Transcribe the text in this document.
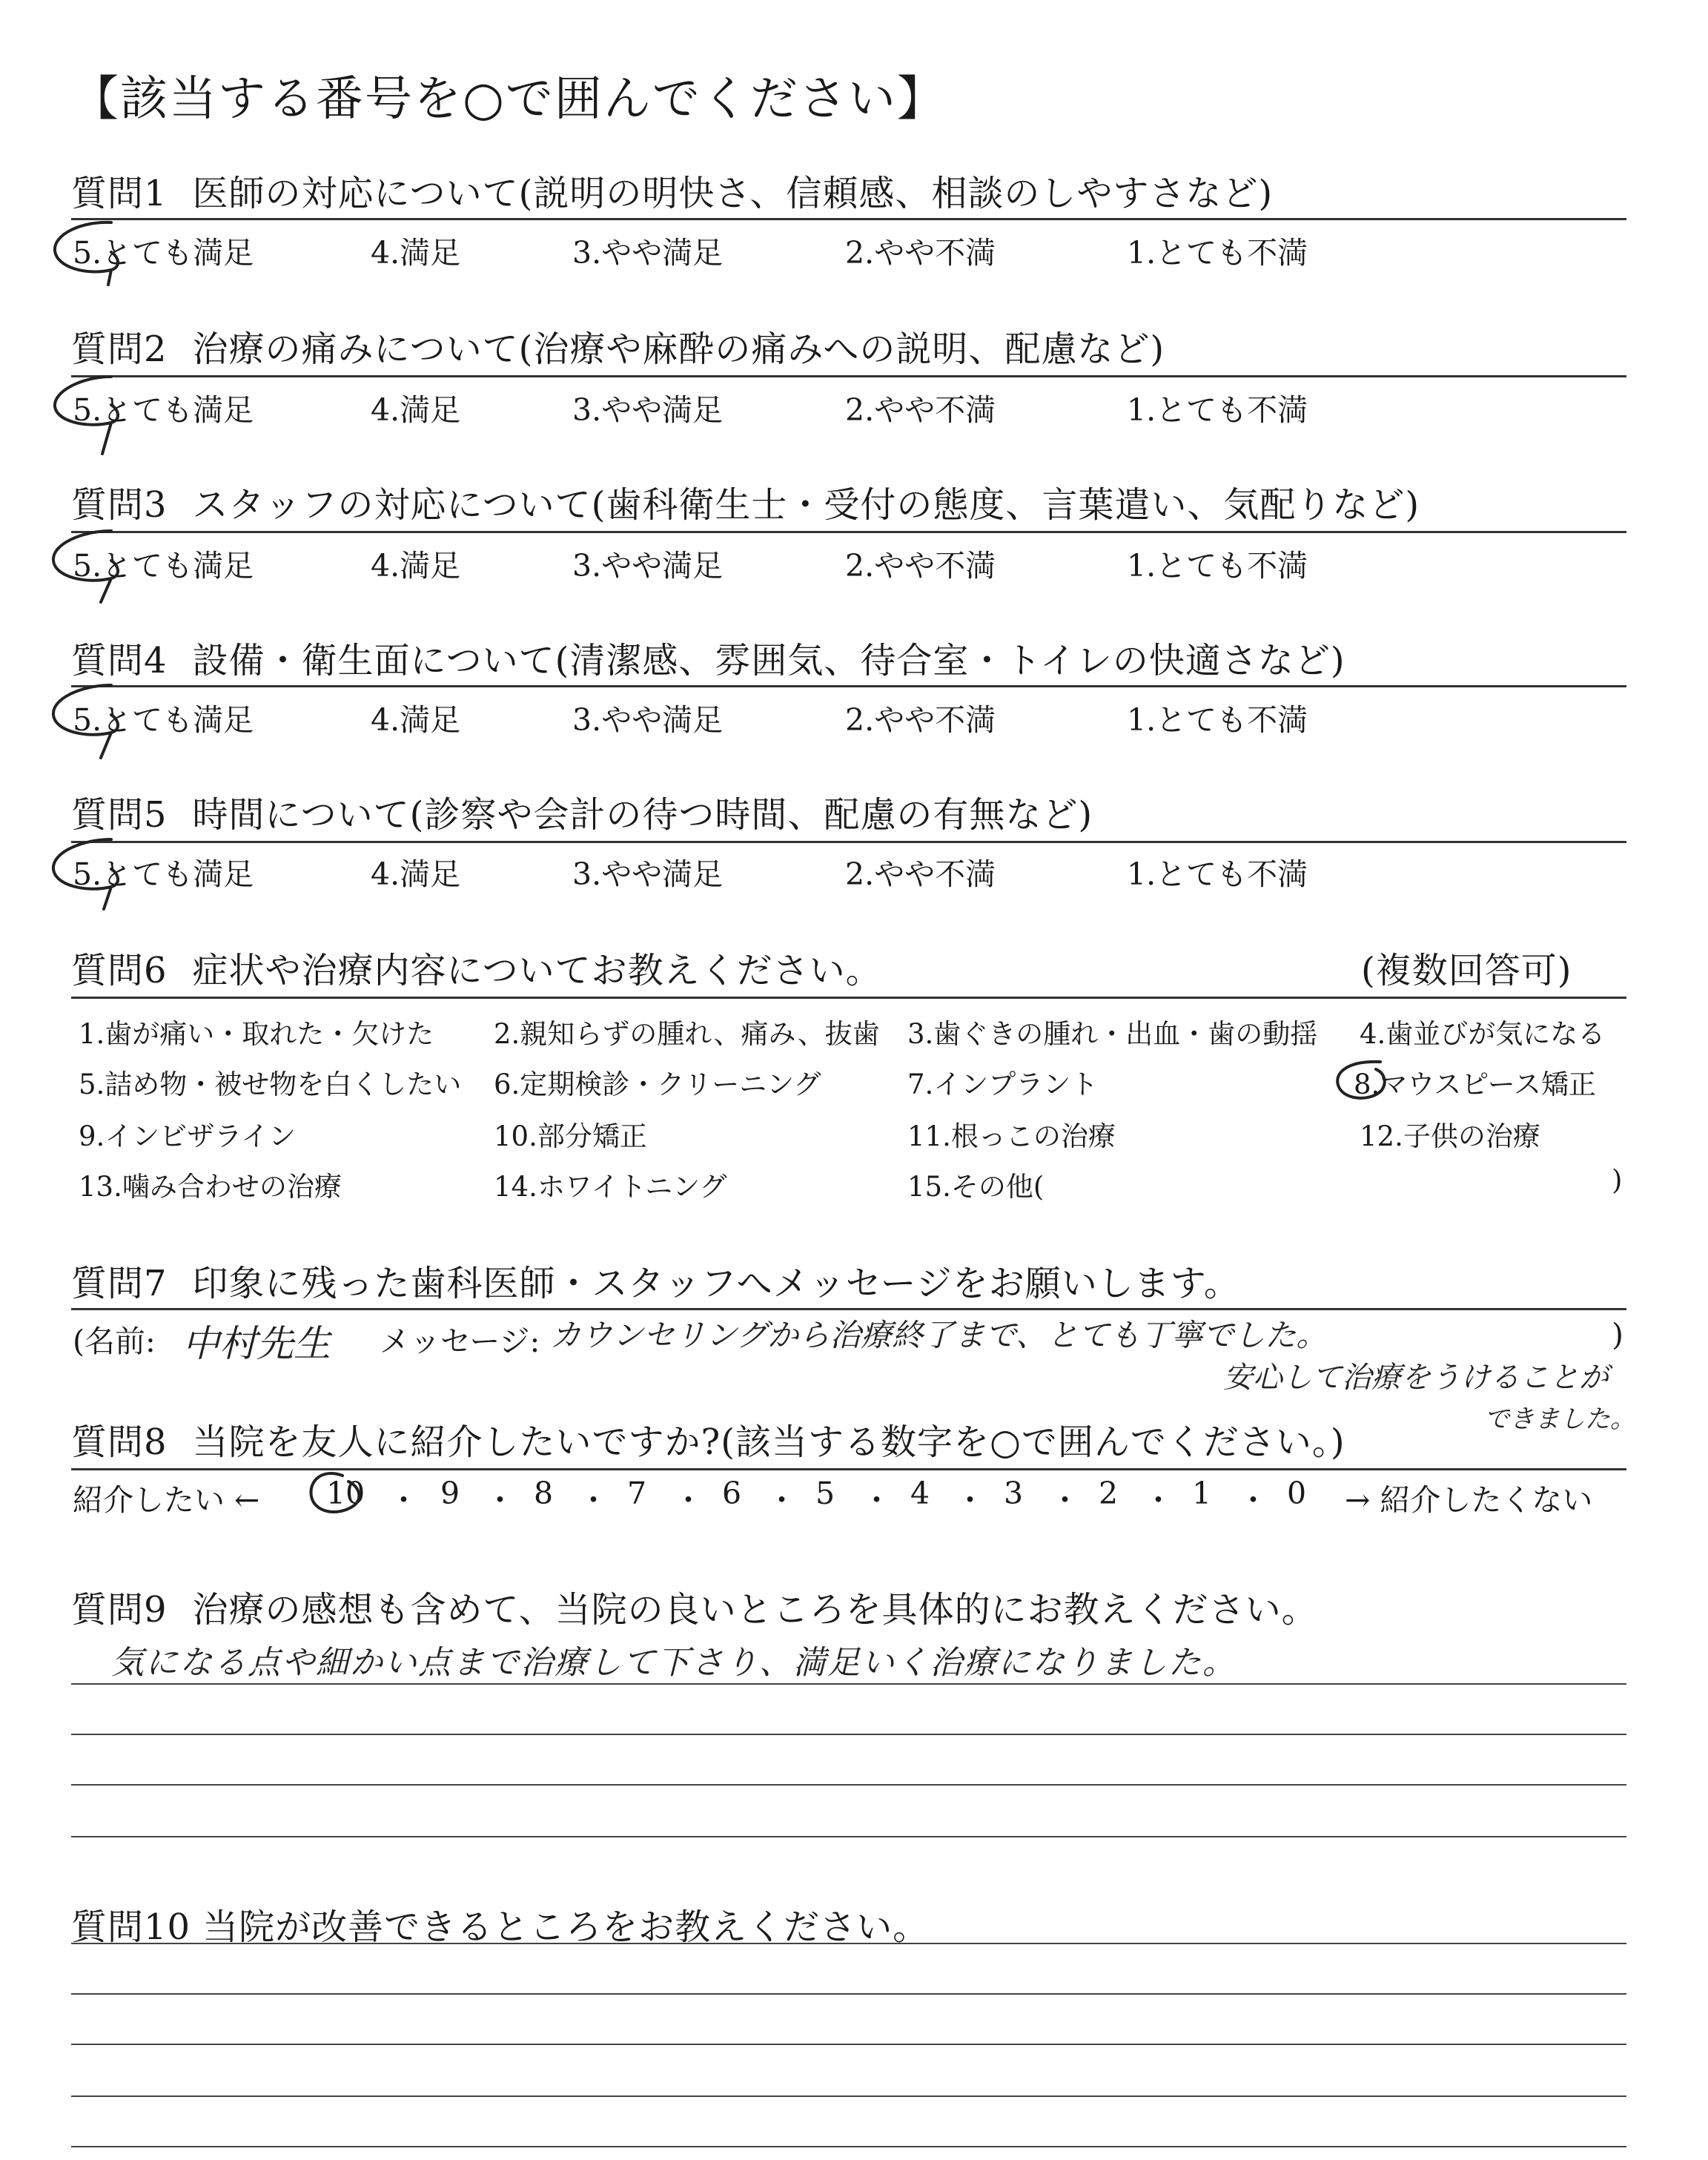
【該当する番号を○で囲んでください】
質問1 医師の対応について(説明の明快さ、信頼感、相談のしやすさなど)
5.とても満足	4.満足	3.やや満足	2.やや不満	1.とても不満
質問2 治療の痛みについて(治療や麻酔の痛みへの説明、配慮など)
5.とても満足	4.満足	3.やや満足	2.やや不満	1.とても不満
質問3 スタッフの対応について(歯科衛生士・受付の態度、言葉遣い、気配りなど)
5.とても満足	4.満足	3.やや満足	2.やや不満	1.とても不満
質問4 設備・衛生面について(清潔感、雰囲気、待合室・トイレの快適さなど)
5.とても満足	4.満足	3.やや満足	2.やや不満	1.とても不満
質問5 時間について(診察や会計の待つ時間、配慮の有無など)
5.とても満足	4.満足	3.やや満足	2.やや不満	1.とても不満
質問6 症状や治療内容についてお教えください。	(複数回答可)
1.歯が痛い・取れた・欠けた 2.親知らずの腫れ、痛み、抜歯 3.歯ぐきの腫れ・出血・歯の動揺 4.歯並びが気になる
5.詰め物・被せ物を白くしたい 6.定期検診・クリーニング	7.インプラント	8.マウスピース矯正
9.インビザライン	10.部分矯正	11.根っこの治療	12.子供の治療
13.噛み合わせの治療	14.ホワイトニング	15.その他(	)
質問7 印象に残った歯科医師・スタッフへメッセージをお願いします。
(名前: 中村先生 メッセージ: カウンセリングから治療終了まで、とても丁寧でした。	)
安心して治療をうけることが
できました。
質問8 当院を友人に紹介したいですか?(該当する数字を○で囲んでください。)
紹介したい ←	→ 紹介したくない
10 ・ 9 ・ 8 ・ 7 ・ 6 ・ 5 ・ 4 ・ 3 ・ 2 ・ 1 ・ 0
質問9 治療の感想も含めて、当院の良いところを具体的にお教えください。
気になる点や細かい点まで治療して下さり、満足いく治療になりました。
質問10 当院が改善できるところをお教えください。
